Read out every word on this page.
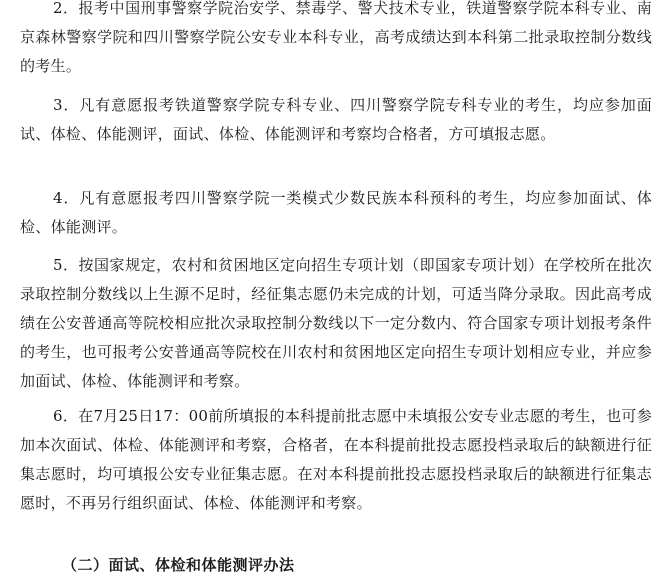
2．报考中国刑事警察学院治安学、禁毒学、警犬技术专业，铁道警察学院本科专业、南京森林警察学院和四川警察学院公安专业本科专业，高考成绩达到本科第二批录取控制分数线的考生。

3．凡有意愿报考铁道警察学院专科专业、四川警察学院专科专业的考生，均应参加面试、体检、体能测评，面试、体检、体能测评和考察均合格者，方可填报志愿。

4．凡有意愿报考四川警察学院一类模式少数民族本科预科的考生，均应参加面试、体检、体能测评。

5．按国家规定，农村和贫困地区定向招生专项计划（即国家专项计划）在学校所在批次录取控制分数线以上生源不足时，经征集志愿仍未完成的计划，可适当降分录取。因此高考成绩在公安普通高等院校相应批次录取控制分数线以下一定分数内、符合国家专项计划报考条件的考生，也可报考公安普通高等院校在川农村和贫困地区定向招生专项计划相应专业，并应参加面试、体检、体能测评和考察。

6．在7月25日17：00前所填报的本科提前批志愿中未填报公安专业志愿的考生，也可参加本次面试、体检、体能测评和考察，合格者，在本科提前批投志愿投档录取后的缺额进行征集志愿时，均可填报公安专业征集志愿。在对本科提前批投志愿投档录取后的缺额进行征集志愿时，不再另行组织面试、体检、体能测评和考察。

（二）面试、体检和体能测评办法
